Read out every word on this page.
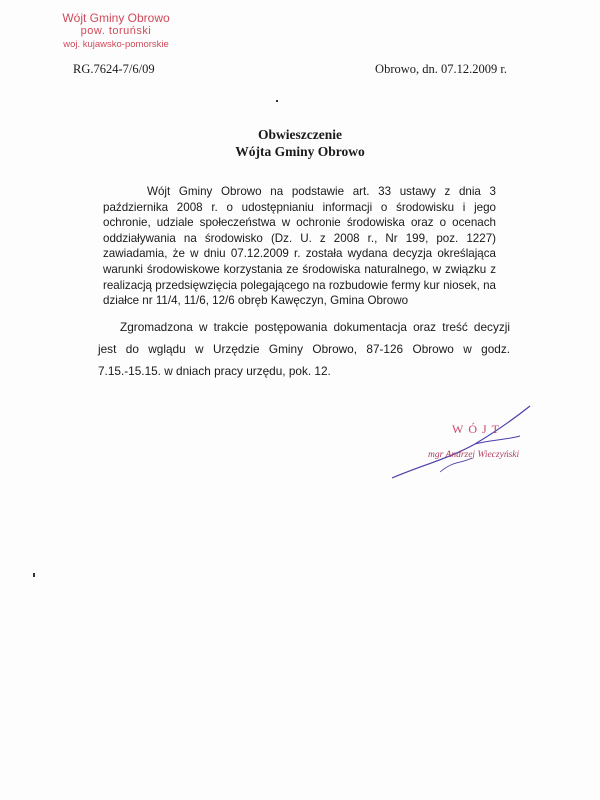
Wójt Gminy Obrowo
pow. toruński
woj. kujawsko-pomorskie
RG.7624-7/6/09	Obrowo, dn. 07.12.2009 r.
Obwieszczenie
Wójta Gminy Obrowo
Wójt Gminy Obrowo na podstawie art. 33 ustawy z dnia 3 października 2008 r. o udostępnianiu informacji o środowisku i jego ochronie, udziale społeczeństwa w ochronie środowiska oraz o ocenach oddziaływania na środowisko (Dz. U. z 2008 r., Nr 199, poz. 1227) zawiadamia, że w dniu 07.12.2009 r. została wydana decyzja określająca warunki środowiskowe korzystania ze środowiska naturalnego, w związku z realizacją przedsięwzięcia polegającego na rozbudowie fermy kur niosek, na działce nr 11/4, 11/6, 12/6 obręb Kawęczyn, Gmina Obrowo
Zgromadzona w trakcie postępowania dokumentacja oraz treść decyzji jest do wglądu w Urzędzie Gminy Obrowo, 87-126 Obrowo w godz. 7.15.-15.15. w dniach pracy urzędu, pok. 12.
WÓJT
mgr Andrzej Wieczyński
